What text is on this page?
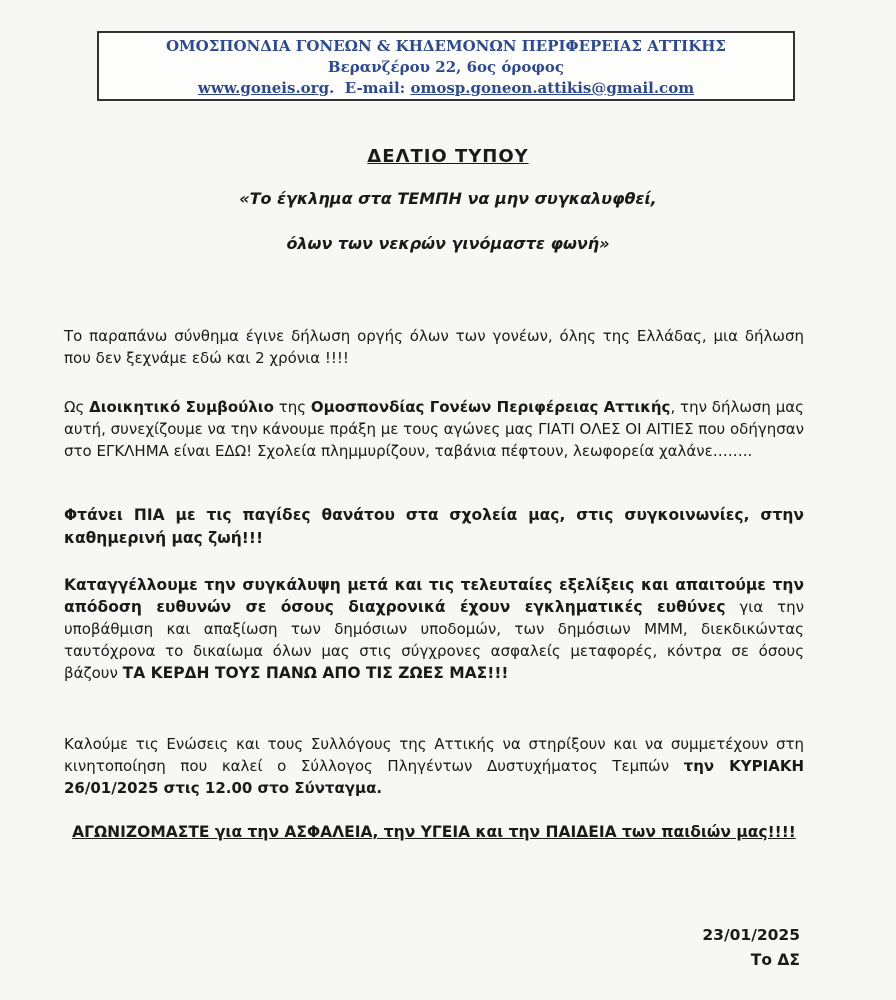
ΟΜΟΣΠΟΝΔΙΑ ΓΟΝΕΩΝ & ΚΗΔΕΜΟΝΩΝ ΠΕΡΙΦΕΡΕΙΑΣ ΑΤΤΙΚΗΣ
Βερανζέρου 22, 6ος όροφος
www.goneis.org.  E-mail: omosp.goneon.attikis@gmail.com
ΔΕΛΤΙΟ ΤΥΠΟΥ
«Το έγκλημα στα ΤΕΜΠΗ να μην συγκαλυφθεί,
όλων των νεκρών γινόμαστε φωνή»
Το παραπάνω σύνθημα έγινε δήλωση οργής όλων των γονέων, όλης της Ελλάδας, μια δήλωση που δεν ξεχνάμε εδώ και 2 χρόνια !!!!
Ως Διοικητικό Συμβούλιο της Ομοσπονδίας Γονέων Περιφέρειας Αττικής, την δήλωση μας αυτή, συνεχίζουμε να την κάνουμε πράξη με τους αγώνες μας ΓΙΑΤΙ ΟΛΕΣ ΟΙ ΑΙΤΙΕΣ που οδήγησαν στο ΕΓΚΛΗΜΑ είναι ΕΔΩ! Σχολεία πλημμυρίζουν, ταβάνια πέφτουν, λεωφορεία χαλάνε……..
Φτάνει ΠΙΑ με τις παγίδες θανάτου στα σχολεία μας, στις συγκοινωνίες, στην καθημερινή μας ζωή!!!
Καταγγέλλουμε την συγκάλυψη μετά και τις τελευταίες εξελίξεις και απαιτούμε την απόδοση ευθυνών σε όσους διαχρονικά έχουν εγκληματικές ευθύνες για την υποβάθμιση και απαξίωση των δημόσιων υποδομών, των δημόσιων ΜΜΜ, διεκδικώντας ταυτόχρονα το δικαίωμα όλων μας στις σύγχρονες ασφαλείς μεταφορές, κόντρα σε όσους βάζουν ΤΑ ΚΕΡΔΗ ΤΟΥΣ ΠΑΝΩ ΑΠΟ ΤΙΣ ΖΩΕΣ ΜΑΣ!!!
Καλούμε τις Ενώσεις και τους Συλλόγους της Αττικής να στηρίξουν και να συμμετέχουν στη κινητοποίηση που καλεί ο Σύλλογος Πληγέντων Δυστυχήματος Τεμπών την ΚΥΡΙΑΚΗ 26/01/2025 στις 12.00 στο Σύνταγμα.
ΑΓΩΝΙΖΟΜΑΣΤΕ για την ΑΣΦΑΛΕΙΑ, την ΥΓΕΙΑ και την ΠΑΙΔΕΙΑ των παιδιών μας!!!!
23/01/2025
Το ΔΣ
